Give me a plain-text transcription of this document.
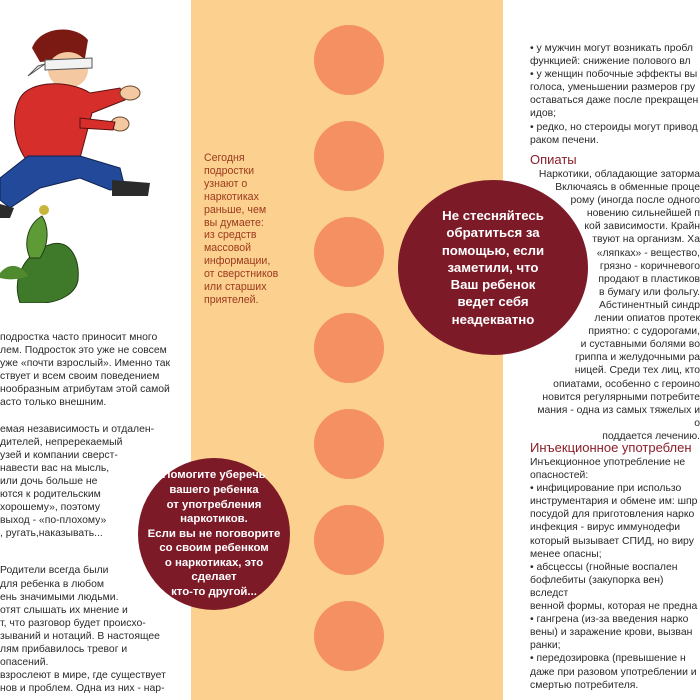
подростка часто приносит много
лем. Подросток это уже не совсем
уже «почти взрослый». Именно так
ствует и всем своим поведением
нообразным атрибутам этой самой
асто только внешним.

емая независимость и отдален-
дителей, непререкаемый
узей и компании сверст-
навести вас на мысль,
или дочь больше не
ются к родительским
хорошему», поэтому
выход - «по-плохому»
, ругать,наказывать...

Родители всегда были
для ребенка в любом
ень значимыми людьми.
отят слышать их мнение и
т, что разговор будет происхо-
зываний и нотаций. В настоящее
лям прибавилось тревог и опасений.
взрослеют в мире, где существует
нов и проблем. Одна из них - нар-

Сегодня
подростки
узнают о
наркотиках
раньше, чем
вы думаете:
из средств
массовой
информации,
от сверстников
или старших
приятелей.

Помогите уберечь
вашего ребенка
от употребления
наркотиков.
Если вы не поговорите
со своим ребенком
о наркотиках, это
сделает
кто-то другой...

Не стесняйтесь
обратиться за
помощью, если
заметили, что
Ваш ребенок
ведет себя
неадекватно

• у мужчин могут возникать пробл
функцией: снижение полового вл
• у женщин побочные эффекты вы
голоса, уменьшении размеров гру
оставаться даже после прекращен
идов;
• редко, но стероиды могут привод
раком печени.

Опиаты

Наркотики, обладающие затормa
Включаясь в обменные проце
рому (иногда после одного
новению сильнейшей п
кой зависимости. Крайн
твуют на организм. Ха
«ляпках» - вещество,
грязно - коричневого
продают в пластиков
в бумагу или фольгу.
Абстинентный синдр
лении опиатов протек
приятно: с судорогами,
и суставными болями во
гриппа и желудочными ра
ницей. Среди тех лиц, кто
опиатами, особенно с героино
новится регулярными потребите
мания - одна из самых тяжелых и о
поддается лечению.

Инъекционное употреблен

Инъекционное употребление не
опасностей:
• инфицирование при использо
инструментария и обмене им: шпр
посудой для приготовления нарко
инфекция - вирус иммунодефи
который вызывает СПИД, но виру
менее опасны;
• абсцессы (гнойные воспален
бофлебиты (закупорка вен) вследст
венной формы, которая не предна
• гангрена (из-за введения нарко
вены) и заражение крови, вызван
ранки;
• передозировка (превышение н
даже при разовом употреблении и
смертью потребителя.
